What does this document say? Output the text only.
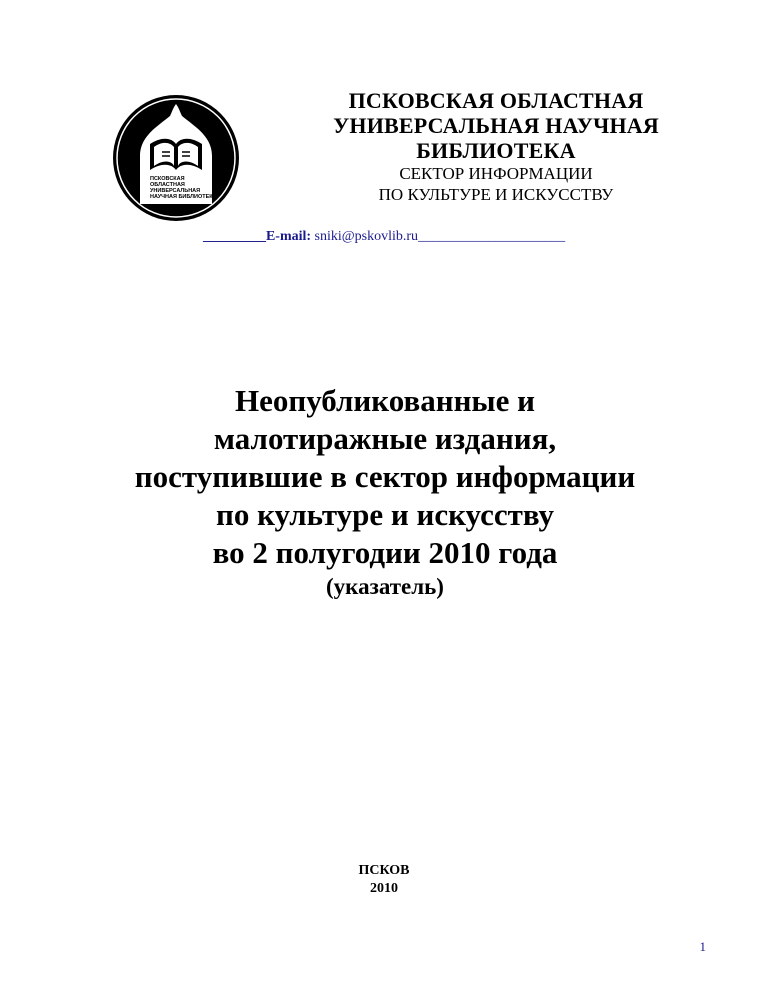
ПСКОВСКАЯ
ОБЛАСТНАЯ
УНИВЕРСАЛЬНАЯ
НАУЧНАЯ БИБЛИОТЕКА
ПСКОВСКАЯ ОБЛАСТНАЯ
УНИВЕРСАЛЬНАЯ НАУЧНАЯ
БИБЛИОТЕКА
СЕКТОР ИНФОРМАЦИИ
ПО КУЛЬТУРЕ И ИСКУССТВУ
_________E-mail: sniki@pskovlib.ru_____________________
Неопубликованные и
малотиражные издания,
поступившие в сектор информации
по культуре и искусству
во 2 полугодии 2010 года
(указатель)
ПСКОВ
2010
1
